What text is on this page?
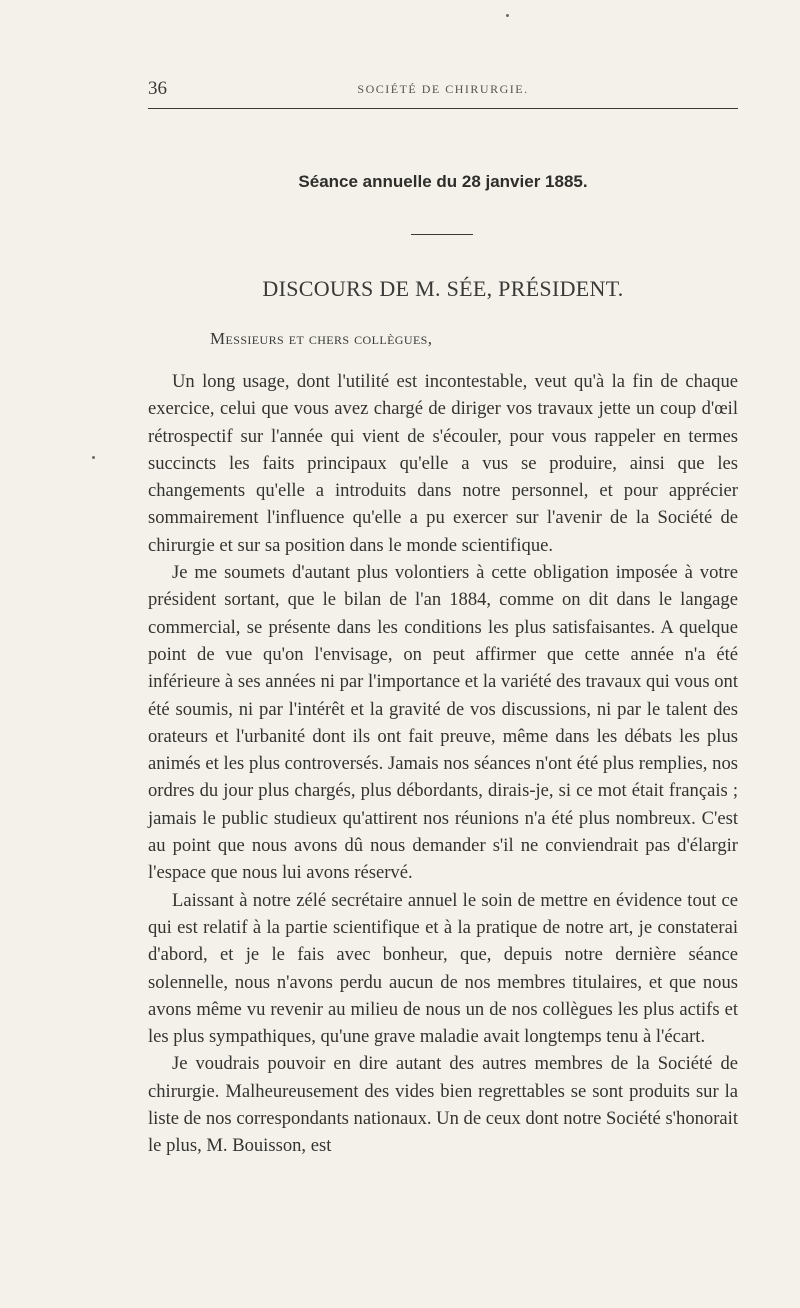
36	SOCIÉTÉ DE CHIRURGIE.
Séance annuelle du 28 janvier 1885.
DISCOURS DE M. SÉE, PRÉSIDENT.
Messieurs et chers collègues,

Un long usage, dont l'utilité est incontestable, veut qu'à la fin de chaque exercice, celui que vous avez chargé de diriger vos travaux jette un coup d'œil rétrospectif sur l'année qui vient de s'écouler, pour vous rappeler en termes succincts les faits principaux qu'elle a vus se produire, ainsi que les changements qu'elle a introduits dans notre personnel, et pour apprécier sommairement l'influence qu'elle a pu exercer sur l'avenir de la Société de chirurgie et sur sa position dans le monde scientifique.

Je me soumets d'autant plus volontiers à cette obligation imposée à votre président sortant, que le bilan de l'an 1884, comme on dit dans le langage commercial, se présente dans les conditions les plus satisfaisantes. A quelque point de vue qu'on l'envisage, on peut affirmer que cette année n'a été inférieure à ses années ni par l'importance et la variété des travaux qui vous ont été soumis, ni par l'intérêt et la gravité de vos discussions, ni par le talent des orateurs et l'urbanité dont ils ont fait preuve, même dans les débats les plus animés et les plus controversés. Jamais nos séances n'ont été plus remplies, nos ordres du jour plus chargés, plus débordants, dirais-je, si ce mot était français ; jamais le public studieux qu'attirent nos réunions n'a été plus nombreux. C'est au point que nous avons dû nous demander s'il ne conviendrait pas d'élargir l'espace que nous lui avons réservé.

Laissant à notre zélé secrétaire annuel le soin de mettre en évidence tout ce qui est relatif à la partie scientifique et à la pratique de notre art, je constaterai d'abord, et je le fais avec bonheur, que, depuis notre dernière séance solennelle, nous n'avons perdu aucun de nos membres titulaires, et que nous avons même vu revenir au milieu de nous un de nos collègues les plus actifs et les plus sympathiques, qu'une grave maladie avait longtemps tenu à l'écart.

Je voudrais pouvoir en dire autant des autres membres de la Société de chirurgie. Malheureusement des vides bien regrettables se sont produits sur la liste de nos correspondants nationaux. Un de ceux dont notre Société s'honorait le plus, M. Bouisson, est
